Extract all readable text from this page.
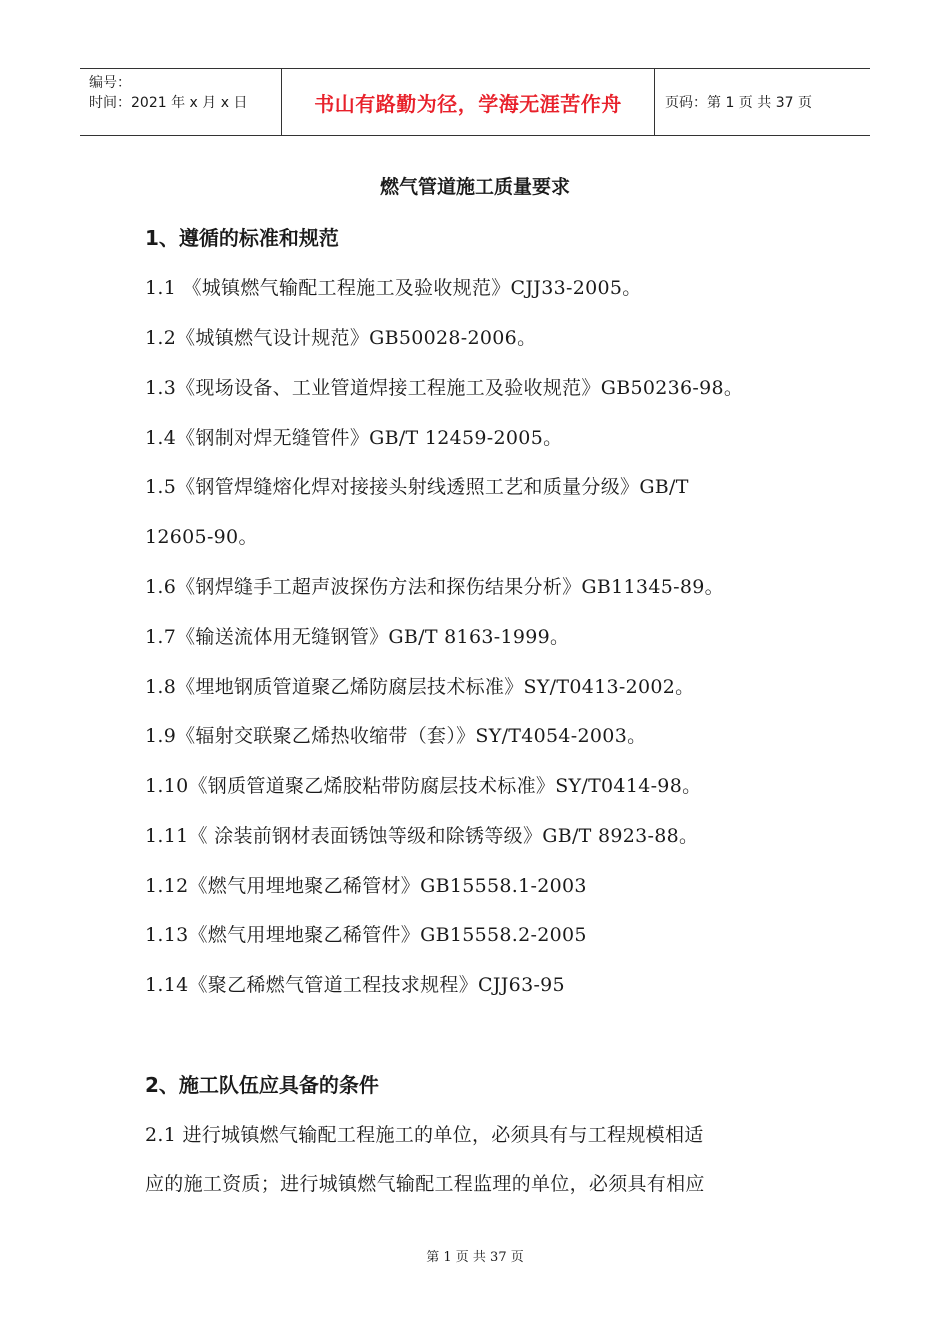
编号：
时间：2021 年 x 月 x 日	书山有路勤为径，学海无涯苦作舟	页码：第 1 页 共 37 页
燃气管道施工质量要求
1、遵循的标准和规范
1.1 《城镇燃气输配工程施工及验收规范》CJJ33-2005。
1.2《城镇燃气设计规范》GB50028-2006。
1.3《现场设备、工业管道焊接工程施工及验收规范》GB50236-98。
1.4《钢制对焊无缝管件》GB/T 12459-2005。
1.5《钢管焊缝熔化焊对接接头射线透照工艺和质量分级》GB/T
12605-90。
1.6《钢焊缝手工超声波探伤方法和探伤结果分析》GB11345-89。
1.7《输送流体用无缝钢管》GB/T 8163-1999。
1.8《埋地钢质管道聚乙烯防腐层技术标准》SY/T0413-2002。
1.9《辐射交联聚乙烯热收缩带（套）》SY/T4054-2003。
1.10《钢质管道聚乙烯胶粘带防腐层技术标准》SY/T0414-98。
1.11《 涂装前钢材表面锈蚀等级和除锈等级》GB/T 8923-88。
1.12《燃气用埋地聚乙稀管材》GB15558.1-2003
1.13《燃气用埋地聚乙稀管件》GB15558.2-2005
1.14《聚乙稀燃气管道工程技求规程》CJJ63-95
2、施工队伍应具备的条件
2.1 进行城镇燃气输配工程施工的单位，必须具有与工程规模相适
应的施工资质；进行城镇燃气输配工程监理的单位，必须具有相应
第 1 页 共 37 页
